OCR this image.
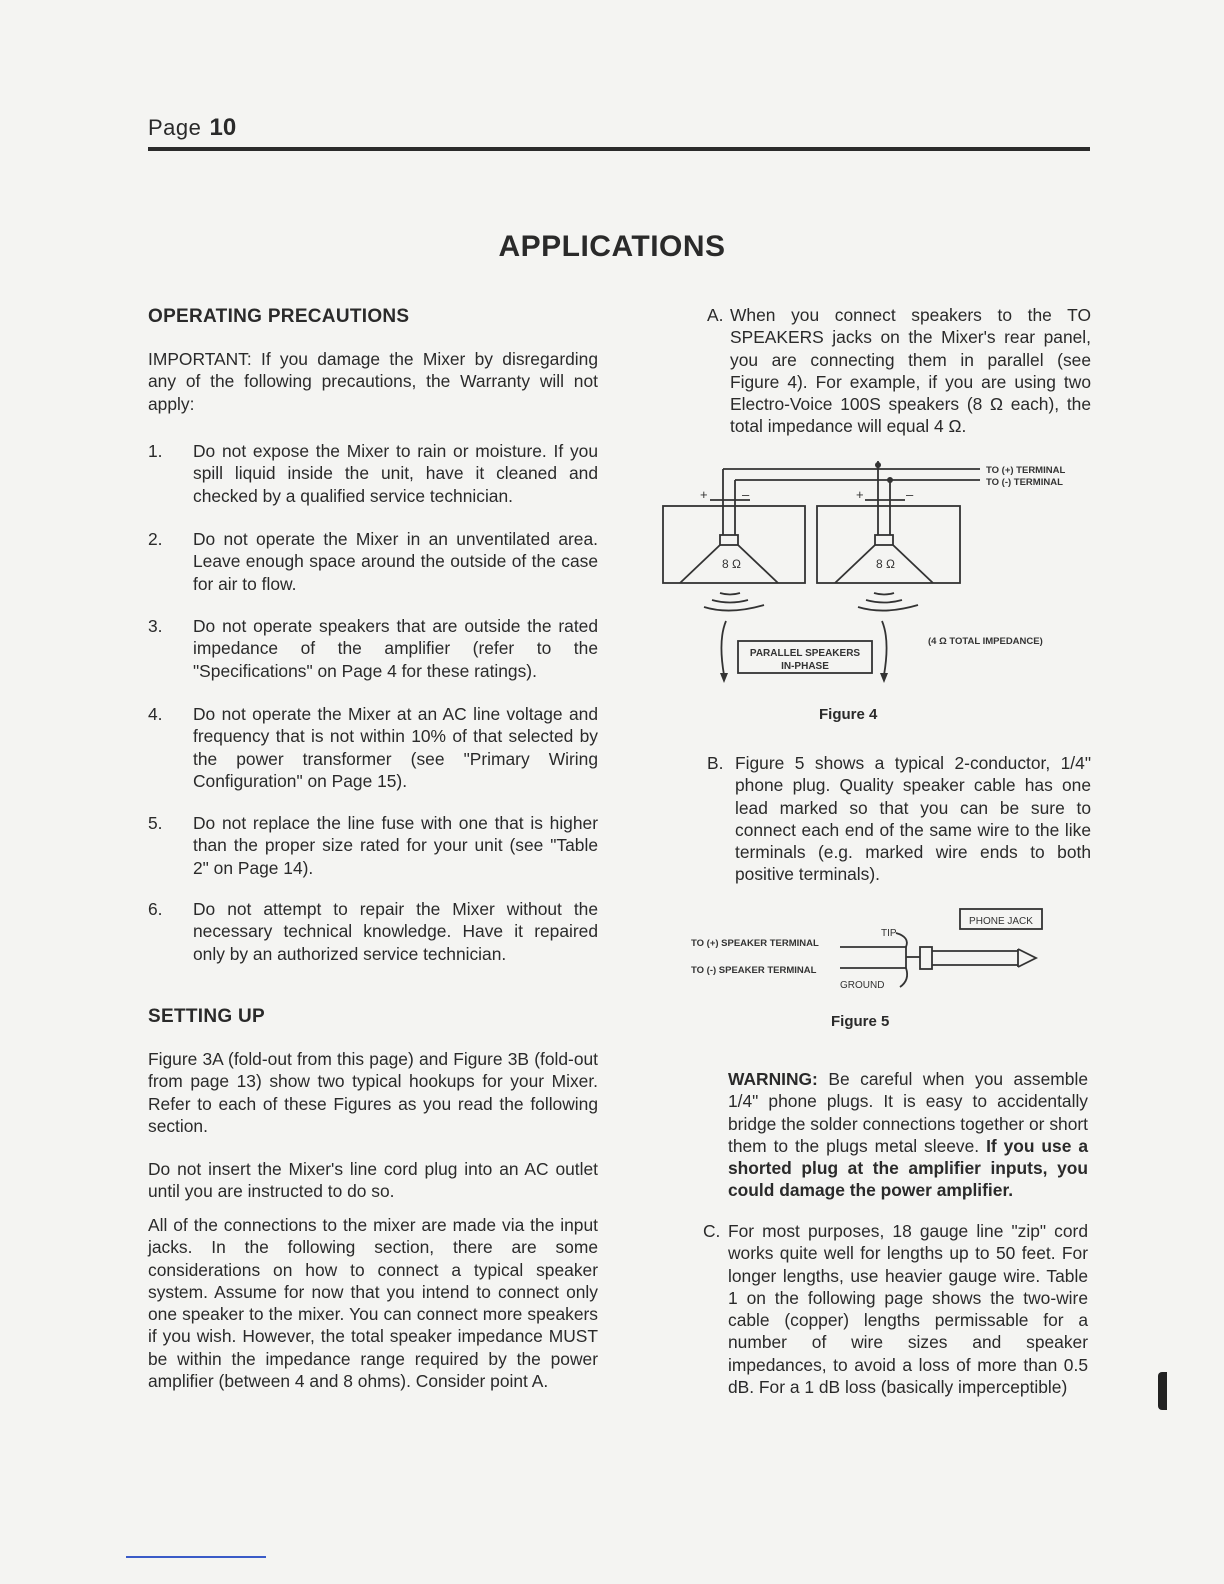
Page 10
APPLICATIONS
OPERATING PRECAUTIONS

IMPORTANT: If you damage the Mixer by disregarding any of the following precautions, the Warranty will not apply:

1. Do not expose the Mixer to rain or moisture. If you spill liquid inside the unit, have it cleaned and checked by a qualified service technician.

2. Do not operate the Mixer in an unventilated area. Leave enough space around the outside of the case for air to flow.

3. Do not operate speakers that are outside the rated impedance of the amplifier (refer to the "Specifications" on Page 4 for these ratings).

4. Do not operate the Mixer at an AC line voltage and frequency that is not within 10% of that selected by the power transformer (see "Primary Wiring Configuration" on Page 15).

5. Do not replace the line fuse with one that is higher than the proper size rated for your unit (see "Table 2" on Page 14).

6. Do not attempt to repair the Mixer without the necessary technical knowledge. Have it repaired only by an authorized service technician.

SETTING UP

Figure 3A (fold-out from this page) and Figure 3B (fold-out from page 13) show two typical hookups for your Mixer. Refer to each of these Figures as you read the following section.

Do not insert the Mixer's line cord plug into an AC outlet until you are instructed to do so.

All of the connections to the mixer are made via the input jacks. In the following section, there are some considerations on how to connect a typical speaker system. Assume for now that you intend to connect only one speaker to the mixer. You can connect more speakers if you wish. However, the total speaker impedance MUST be within the impedance range required by the power amplifier (between 4 and 8 ohms). Consider point A.

A. When you connect speakers to the TO SPEAKERS jacks on the Mixer's rear panel, you are connecting them in parallel (see Figure 4). For example, if you are using two Electro-Voice 100S speakers (8 Ω each), the total impedance will equal 4 Ω.

TO (+) TERMINAL
TO (-) TERMINAL
+	–	+	–
8 Ω	8 Ω
PARALLEL SPEAKERS
IN-PHASE
(4 Ω TOTAL IMPEDANCE)
Figure 4
B. Figure 5 shows a typical 2-conductor, 1/4" phone plug. Quality speaker cable has one lead marked so that you can be sure to connect each end of the same wire to the like terminals (e.g. marked wire ends to both positive terminals).

PHONE JACK
TIP
TO (+) SPEAKER TERMINAL
TO (-) SPEAKER TERMINAL
GROUND
Figure 5

WARNING: Be careful when you assemble 1/4" phone plugs. It is easy to accidentally bridge the solder connections together or short them to the plugs metal sleeve. If you use a shorted plug at the amplifier inputs, you could damage the power amplifier.

C. For most purposes, 18 gauge line "zip" cord works quite well for lengths up to 50 feet. For longer lengths, use heavier gauge wire. Table 1 on the following page shows the two-wire cable (copper) lengths permissable for a number of wire sizes and speaker impedances, to avoid a loss of more than 0.5 dB. For a 1 dB loss (basically imperceptible)
